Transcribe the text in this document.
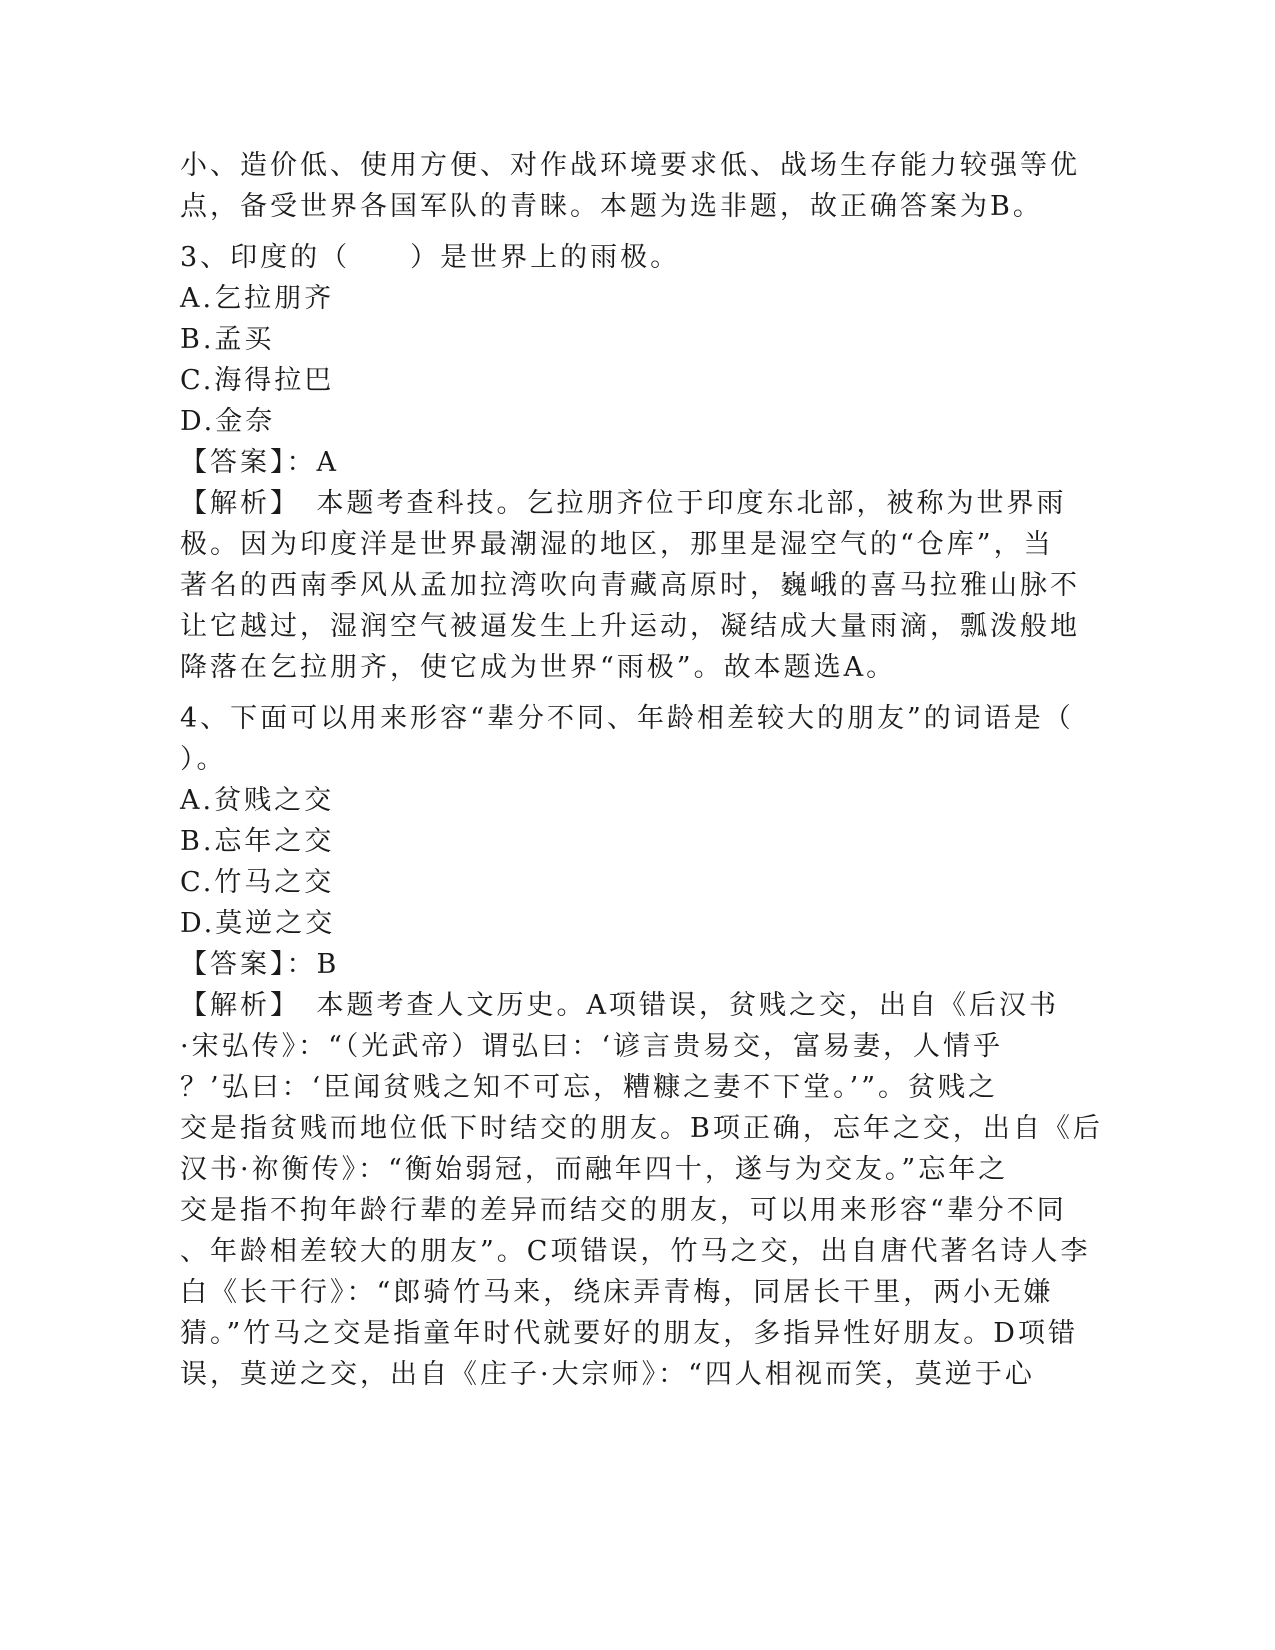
小、造价低、使用方便、对作战环境要求低、战场生存能力较强等优
点，备受世界各国军队的青睐。本题为选非题，故正确答案为B。
3、印度的（　　）是世界上的雨极。
A.乞拉朋齐
B.孟买
C.海得拉巴
D.金奈
【答案】：A
【解析】　本题考查科技。乞拉朋齐位于印度东北部，被称为世界雨
极。因为印度洋是世界最潮湿的地区，那里是湿空气的“仓库”，当
著名的西南季风从孟加拉湾吹向青藏高原时，巍峨的喜马拉雅山脉不
让它越过，湿润空气被逼发生上升运动，凝结成大量雨滴，瓢泼般地
降落在乞拉朋齐，使它成为世界“雨极”。故本题选A。
4、下面可以用来形容“辈分不同、年龄相差较大的朋友”的词语是（
）。
A.贫贱之交
B.忘年之交
C.竹马之交
D.莫逆之交
【答案】：B
【解析】　本题考查人文历史。A项错误，贫贱之交，出自《后汉书
·宋弘传》：“（光武帝）谓弘曰：‘谚言贵易交，富易妻，人情乎
？’弘曰：‘臣闻贫贱之知不可忘，糟糠之妻不下堂。’”。贫贱之
交是指贫贱而地位低下时结交的朋友。B项正确，忘年之交，出自《后
汉书·祢衡传》：“衡始弱冠，而融年四十，遂与为交友。”忘年之
交是指不拘年龄行辈的差异而结交的朋友，可以用来形容“辈分不同
、年龄相差较大的朋友”。C项错误，竹马之交，出自唐代著名诗人李
白《长干行》：“郎骑竹马来，绕床弄青梅，同居长干里，两小无嫌
猜。”竹马之交是指童年时代就要好的朋友，多指异性好朋友。D项错
误，莫逆之交，出自《庄子·大宗师》：“四人相视而笑，莫逆于心
